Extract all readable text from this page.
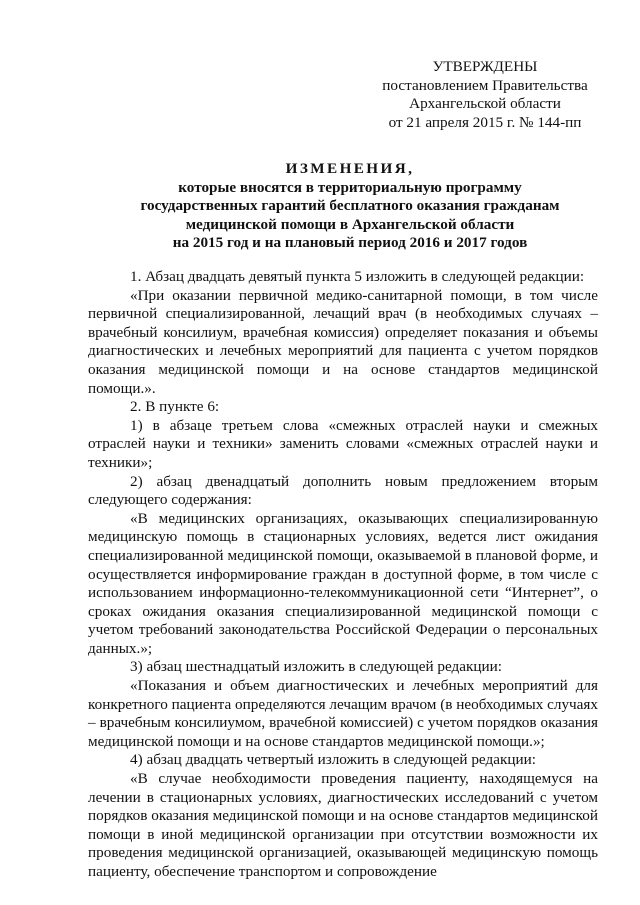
УТВЕРЖДЕНЫ
постановлением Правительства
Архангельской области
от 21 апреля 2015 г. № 144-пп
ИЗМЕНЕНИЯ,
которые вносятся в территориальную программу
государственных гарантий бесплатного оказания гражданам
медицинской помощи в Архангельской области
на 2015 год и на плановый период 2016 и 2017 годов

1. Абзац двадцать девятый пункта 5 изложить в следующей редакции:

«При оказании первичной медико-санитарной помощи, в том числе первичной специализированной, лечащий врач (в необходимых случаях – врачебный консилиум, врачебная комиссия) определяет показания и объемы диагностических и лечебных мероприятий для пациента с учетом порядков оказания медицинской помощи и на основе стандартов медицинской помощи.».

2. В пункте 6:

1) в абзаце третьем слова «смежных отраслей науки и смежных отраслей науки и техники» заменить словами «смежных отраслей науки и техники»;

2) абзац двенадцатый дополнить новым предложением вторым следующего содержания:

«В медицинских организациях, оказывающих специализированную медицинскую помощь в стационарных условиях, ведется лист ожидания специализированной медицинской помощи, оказываемой в плановой форме, и осуществляется информирование граждан в доступной форме, в том числе с использованием информационно-телекоммуникационной сети “Интернет”, о сроках ожидания оказания специализированной медицинской помощи с учетом требований законодательства Российской Федерации о персональных данных.»;

3) абзац шестнадцатый изложить в следующей редакции:

«Показания и объем диагностических и лечебных мероприятий для конкретного пациента определяются лечащим врачом (в необходимых случаях – врачебным консилиумом, врачебной комиссией) с учетом порядков оказания медицинской помощи и на основе стандартов медицинской помощи.»;

4) абзац двадцать четвертый изложить в следующей редакции:

«В случае необходимости проведения пациенту, находящемуся на лечении в стационарных условиях, диагностических исследований с учетом порядков оказания медицинской помощи и на основе стандартов медицинской помощи в иной медицинской организации при отсутствии возможности их проведения медицинской организацией, оказывающей медицинскую помощь пациенту, обеспечение транспортом и сопровождение
